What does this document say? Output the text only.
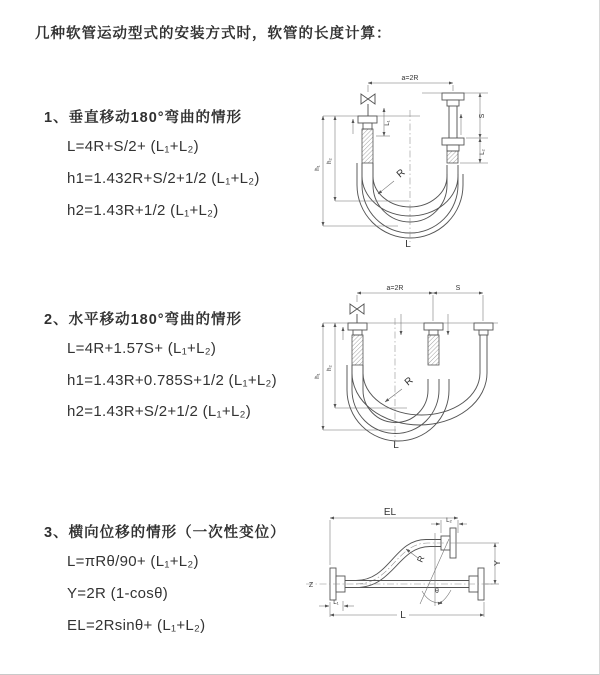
几种软管运动型式的安装方式时，软管的长度计算：
1、垂直移动180°弯曲的情形
L=4R+S/2+ (L₁+L₂)
h1=1.432R+S/2+1/2 (L₁+L₂)
h2=1.43R+1/2 (L₁+L₂)
2、水平移动180°弯曲的情形
L=4R+1.57S+ (L₁+L₂)
h1=1.43R+0.785S+1/2 (L₁+L₂)
h2=1.43R+S/2+1/2 (L₁+L₂)
3、横向位移的情形（一次性变位）
L=πRθ/90+ (L₁+L₂)
Y=2R (1-cosθ)
EL=2Rsinθ+ (L₁+L₂)
a=2R
L₁
S
L₂
h₁
h₂
R
L
a=2R	S
h₁
h₂
R
L
EL
L₂
Z
Y
L
L₁
θ
R
